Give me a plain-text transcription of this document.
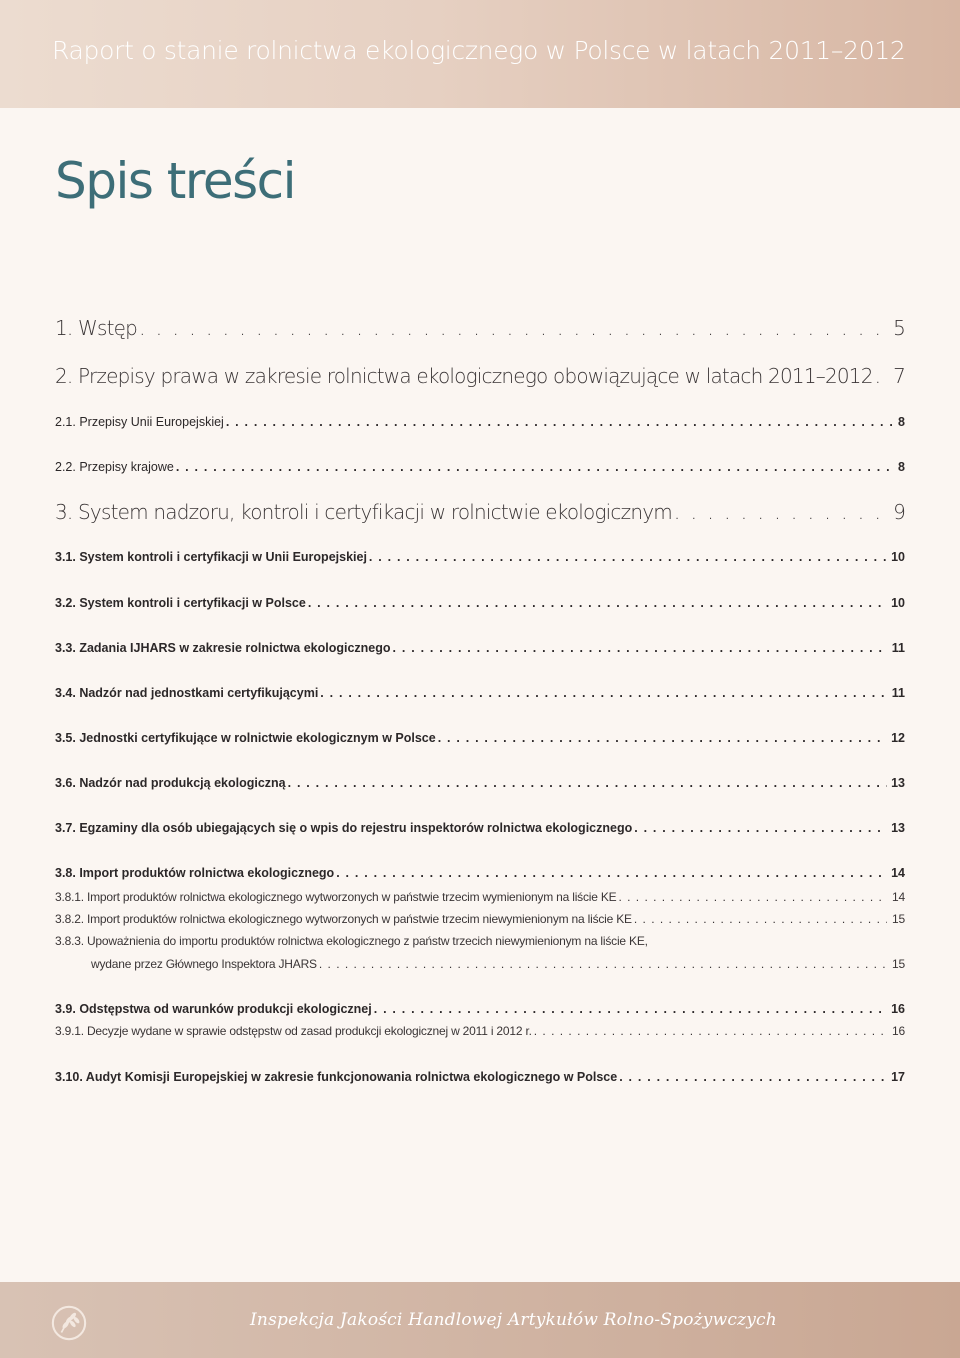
Raport o stanie rolnictwa ekologicznego w Polsce w latach 2011–2012
Spis treści
1. Wstęp . . .	5
2. Przepisy prawa w zakresie rolnictwa ekologicznego obowiązujące w latach 2011–2012 . . . 7
2.1. Przepisy Unii Europejskiej . . .	8
2.2. Przepisy krajowe . . .	8
3. System nadzoru, kontroli i certyfikacji w rolnictwie ekologicznym . . .	9
3.1. System kontroli i certyfikacji w Unii Europejskiej . . .	10
3.2. System kontroli i certyfikacji w Polsce . . .	10
3.3. Zadania IJHARS w zakresie rolnictwa ekologicznego . . .	11
3.4. Nadzór nad jednostkami certyfikującymi . . .	11
3.5. Jednostki certyfikujące w rolnictwie ekologicznym w Polsce . . .	12
3.6. Nadzór nad produkcją ekologiczną . . .	13
3.7. Egzaminy dla osób ubiegających się o wpis do rejestru inspektorów rolnictwa ekologicznego . . .	13
3.8. Import produktów rolnictwa ekologicznego . . .	14
3.8.1. Import produktów rolnictwa ekologicznego wytworzonych w państwie trzecim wymienionym na liście KE . . .	14
3.8.2. Import produktów rolnictwa ekologicznego wytworzonych w państwie trzecim niewymienionym na liście KE . . .	15
3.8.3. Upoważnienia do importu produktów rolnictwa ekologicznego z państw trzecich niewymienionym na liście KE,
wydane przez Głównego Inspektora JHARS . . .	15
3.9. Odstępstwa od warunków produkcji ekologicznej . . .	16
3.9.1. Decyzje wydane w sprawie odstępstw od zasad produkcji ekologicznej w 2011 i 2012 r. . . .	16
3.10. Audyt Komisji Europejskiej w zakresie funkcjonowania rolnictwa ekologicznego w Polsce . . .	17
Inspekcja Jakości Handlowej Artykułów Rolno-Spożywczych
